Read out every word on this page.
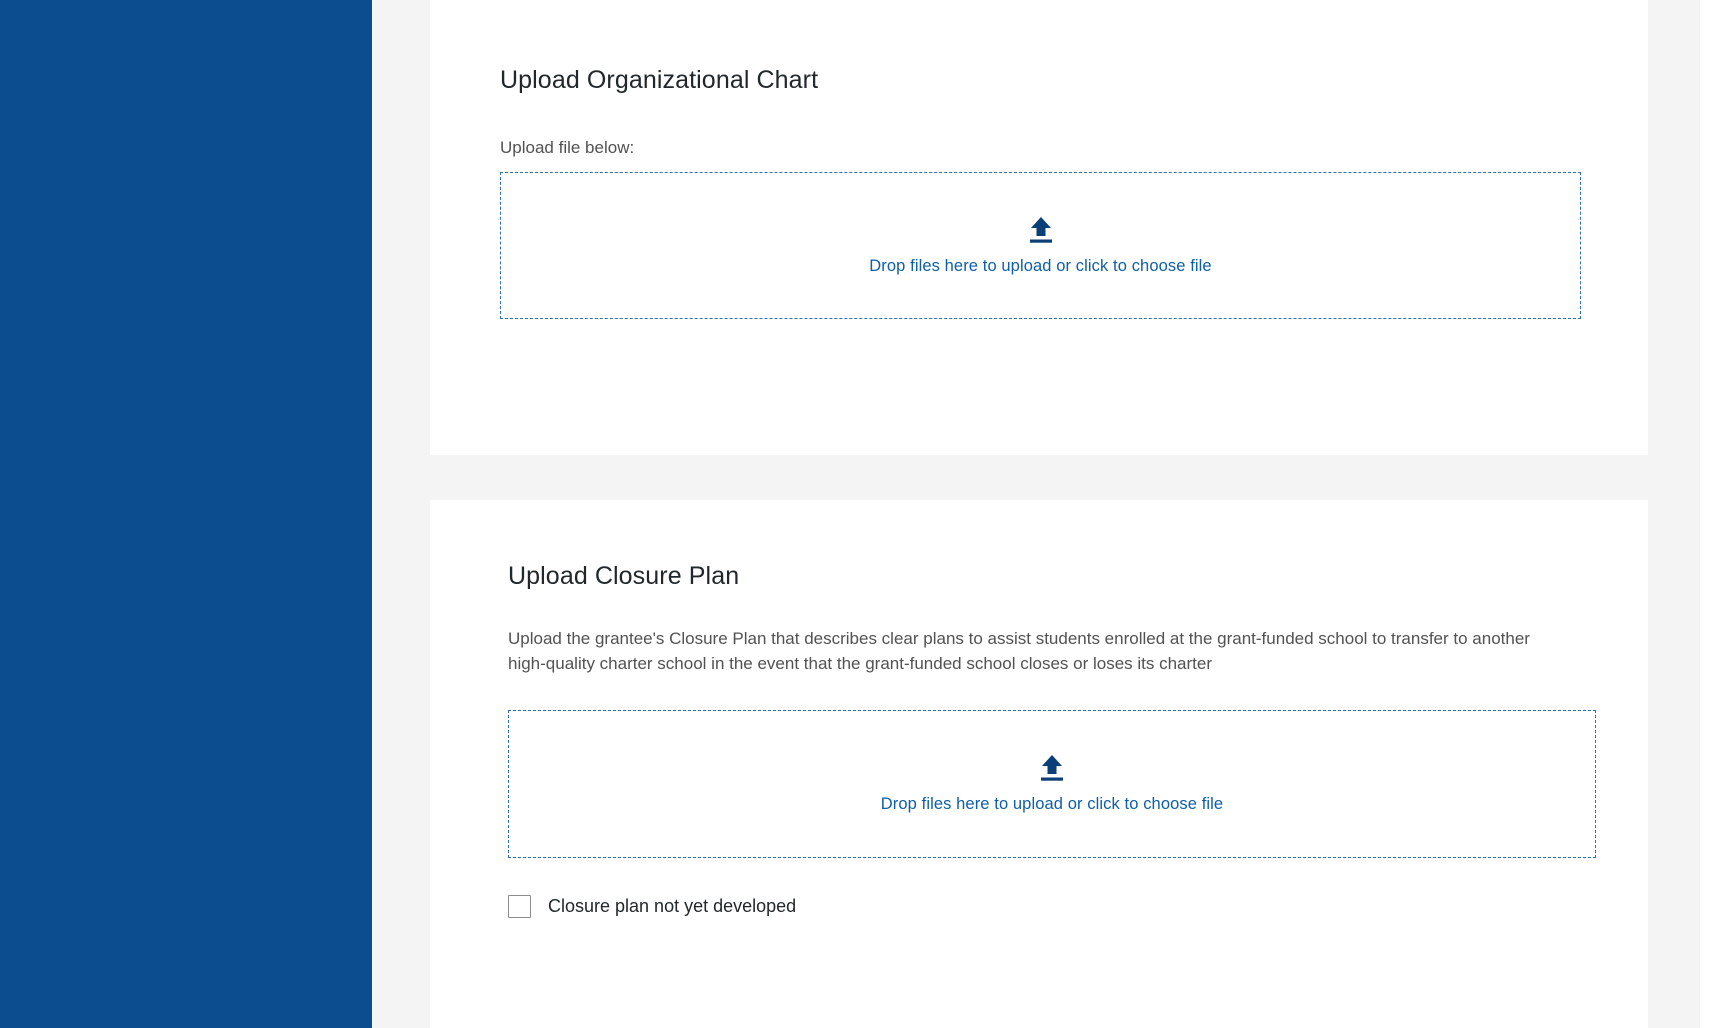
Upload Organizational Chart
Upload file below:
Drop files here to upload or click to choose file
Upload Closure Plan
Upload the grantee's Closure Plan that describes clear plans to assist students enrolled at the grant-funded school to transfer to another high-quality charter school in the event that the grant-funded school closes or loses its charter
Drop files here to upload or click to choose file
Closure plan not yet developed
